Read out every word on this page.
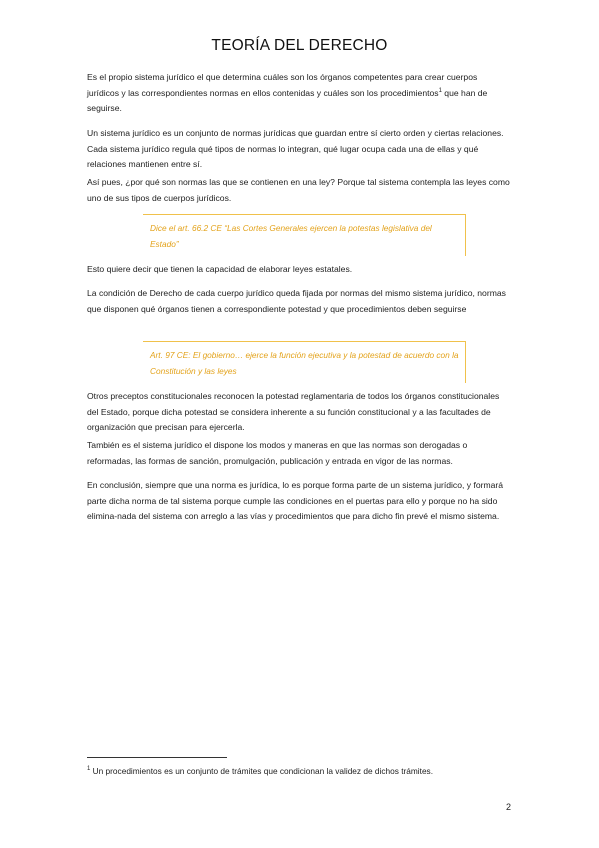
TEORÍA DEL DERECHO

Es el propio sistema jurídico el que determina cuáles son los órganos competentes para crear cuerpos jurídicos y las correspondientes normas en ellos contenidas y cuáles son los procedimientos$^1$ que han de seguirse.

Un sistema jurídico es un conjunto de normas jurídicas que guardan entre sí cierto orden y ciertas relaciones. Cada sistema jurídico regula qué tipos de normas lo integran, qué lugar ocupa cada una de ellas y qué relaciones mantienen entre sí.

Así pues, ¿por qué son normas las que se contienen en una ley? Porque tal sistema contempla las leyes como uno de sus tipos de cuerpos jurídicos.

Dice el art. 66.2 CE “Las Cortes Generales ejercen la potestas legislativa del Estado”

Esto quiere decir que tienen la capacidad de elaborar leyes estatales.

La condición de Derecho de cada cuerpo jurídico queda fijada por normas del mismo sistema jurídico, normas que disponen qué órganos tienen a correspondiente potestad y que procedimientos deben seguirse

Art. 97 CE: El gobierno… ejerce la función ejecutiva y la potestad de acuerdo con la Constitución y las leyes

Otros preceptos constitucionales reconocen la potestad reglamentaria de todos los órganos constitucionales del Estado, porque dicha potestad se considera inherente a su función constitucional y a las facultades de organización que precisan para ejercerla.

También es el sistema jurídico el dispone los modos y maneras en que las normas son derogadas o reformadas, las formas de sanción, promulgación, publicación y entrada en vigor de las normas.

En conclusión, siempre que una norma es jurídica, lo es porque forma parte de un sistema jurídico, y formará parte dicha norma de tal sistema porque cumple las condiciones en el puertas para ello y porque no ha sido elimina-nada del sistema con arreglo a las vías y procedimientos que para dicho fin prevé el mismo sistema.

$^1$ Un procedimientos es un conjunto de trámites que condicionan la validez de dichos trámites.
2
